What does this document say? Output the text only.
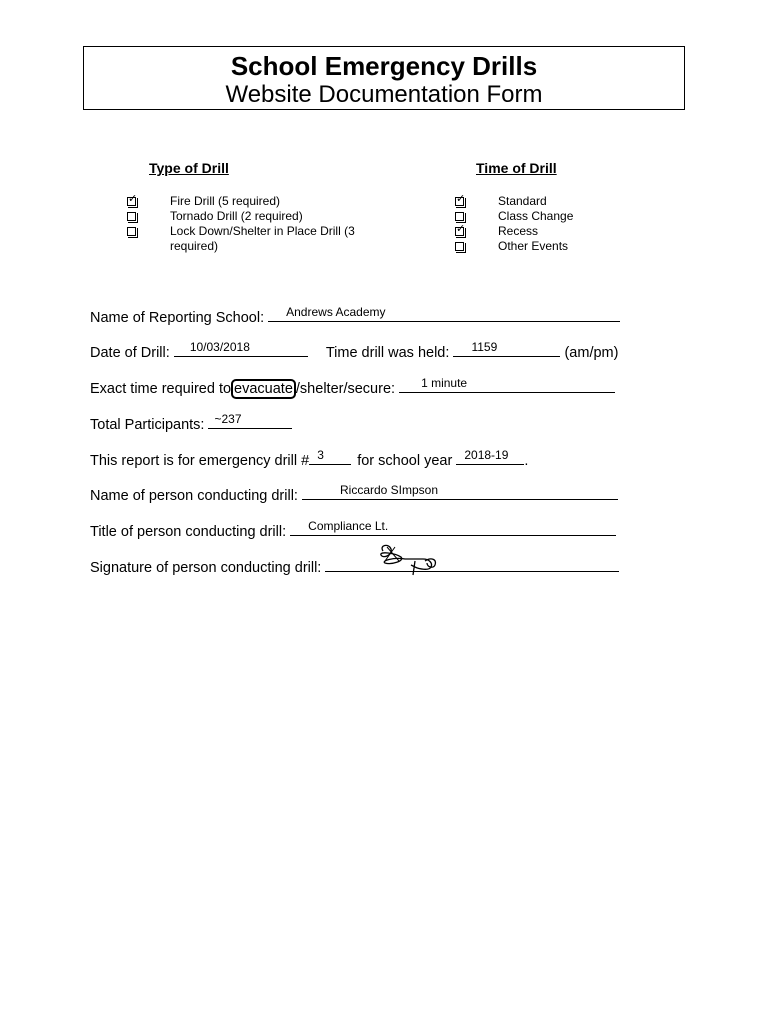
School Emergency Drills
Website Documentation Form
Type of Drill
✓
Fire Drill (5 required)
Tornado Drill (2 required)
Lock Down/Shelter in Place Drill (3
required)
Time of Drill
✓
Standard
Class Change
✓
Recess
Other Events
Name of Reporting School: Andrews Academy
Date of Drill: 10/03/2018	Time drill was held: 1159	(am/pm)
Exact time required to evacuate /shelter/secure: 1 minute
Total Participants: ~237
This report is for emergency drill # 3 for school year 2018-19 .
Name of person conducting drill:	Riccardo SImpson
Title of person conducting drill: Compliance Lt.
Signature of person conducting drill:
